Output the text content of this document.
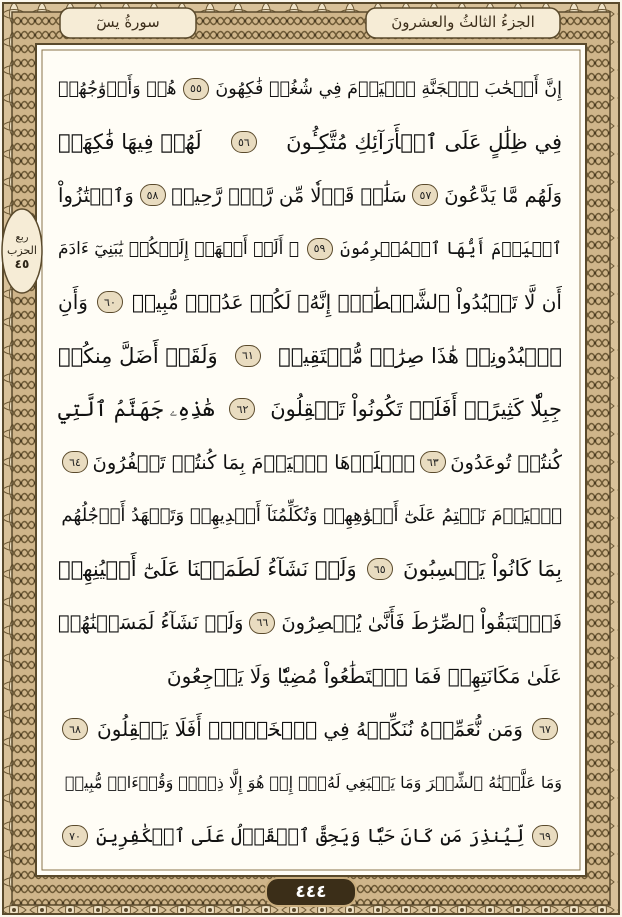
الجزءُ الثالثُ والعشرونَ
سورةُ يسٓ
ربع
الحزب
٤٥
إِنَّ أَصۡحَٰبَ ٱلۡجَنَّةِ ٱلۡيَوۡمَ فِي شُغُلٖ فَٰكِهُونَ
٥٥
هُمۡ وَأَزۡوَٰجُهُمۡ
فِي ظِلَٰلٍ عَلَى ٱلۡأَرَآئِكِ مُتَّكِـُٔونَ
٥٦
لَهُمۡ فِيهَا فَٰكِهَةٞ
وَلَهُم مَّا يَدَّعُونَ
٥٧
سَلَٰمٞ قَوۡلٗا مِّن رَّبّٖ رَّحِيمٖ
٥٨
وَٱمۡتَٰزُواْ
ٱلۡيَوۡمَ أَيُّهَا ٱلۡمُجۡرِمُونَ
٥٩
۞ أَلَمۡ أَعۡهَدۡ إِلَيۡكُمۡ يَٰبَنِيٓ ءَادَمَ
أَن لَّا تَعۡبُدُواْ ٱلشَّيۡطَٰنَۖ إِنَّهُۥ لَكُمۡ عَدُوّٞ مُّبِينٞ
٦٠
وَأَنِ
ٱعۡبُدُونِيۚ هَٰذَا صِرَٰطٞ مُّسۡتَقِيمٞ
٦١
وَلَقَدۡ أَضَلَّ مِنكُمۡ
جِبِلّٗا كَثِيرًاۖ أَفَلَمۡ تَكُونُواْ تَعۡقِلُونَ
٦٢
هَٰذِهِۦ جَهَنَّمُ ٱلَّتِي
كُنتُمۡ تُوعَدُونَ
٦٣
ٱصۡلَوۡهَا ٱلۡيَوۡمَ بِمَا كُنتُمۡ تَكۡفُرُونَ
٦٤
ٱلۡيَوۡمَ نَخۡتِمُ عَلَىٰٓ أَفۡوَٰهِهِمۡ وَتُكَلِّمُنَآ أَيۡدِيهِمۡ وَتَشۡهَدُ أَرۡجُلُهُم
بِمَا كَانُواْ يَكۡسِبُونَ
٦٥
وَلَوۡ نَشَآءُ لَطَمَسۡنَا عَلَىٰٓ أَعۡيُنِهِمۡ
فَٱسۡتَبَقُواْ ٱلصِّرَٰطَ فَأَنَّىٰ يُبۡصِرُونَ
٦٦
وَلَوۡ نَشَآءُ لَمَسَخۡنَٰهُمۡ
عَلَىٰ مَكَانَتِهِمۡ فَمَا ٱسۡتَطَٰعُواْ مُضِيّٗا وَلَا يَرۡجِعُونَ
٦٧
وَمَن نُّعَمِّرۡهُ نُنَكِّسۡهُ فِي ٱلۡخَلۡقِۚ أَفَلَا يَعۡقِلُونَ
٦٨
وَمَا عَلَّمۡنَٰهُ ٱلشِّعۡرَ وَمَا يَنۢبَغِي لَهُۥٓۚ إِنۡ هُوَ إِلَّا ذِكۡرٞ وَقُرۡءَانٞ مُّبِينٞ
٦٩
لِّيُنذِرَ مَن كَانَ حَيّٗا وَيَحِقَّ ٱلۡقَوۡلُ عَلَى ٱلۡكَٰفِرِينَ
٧٠
٤٤٤
